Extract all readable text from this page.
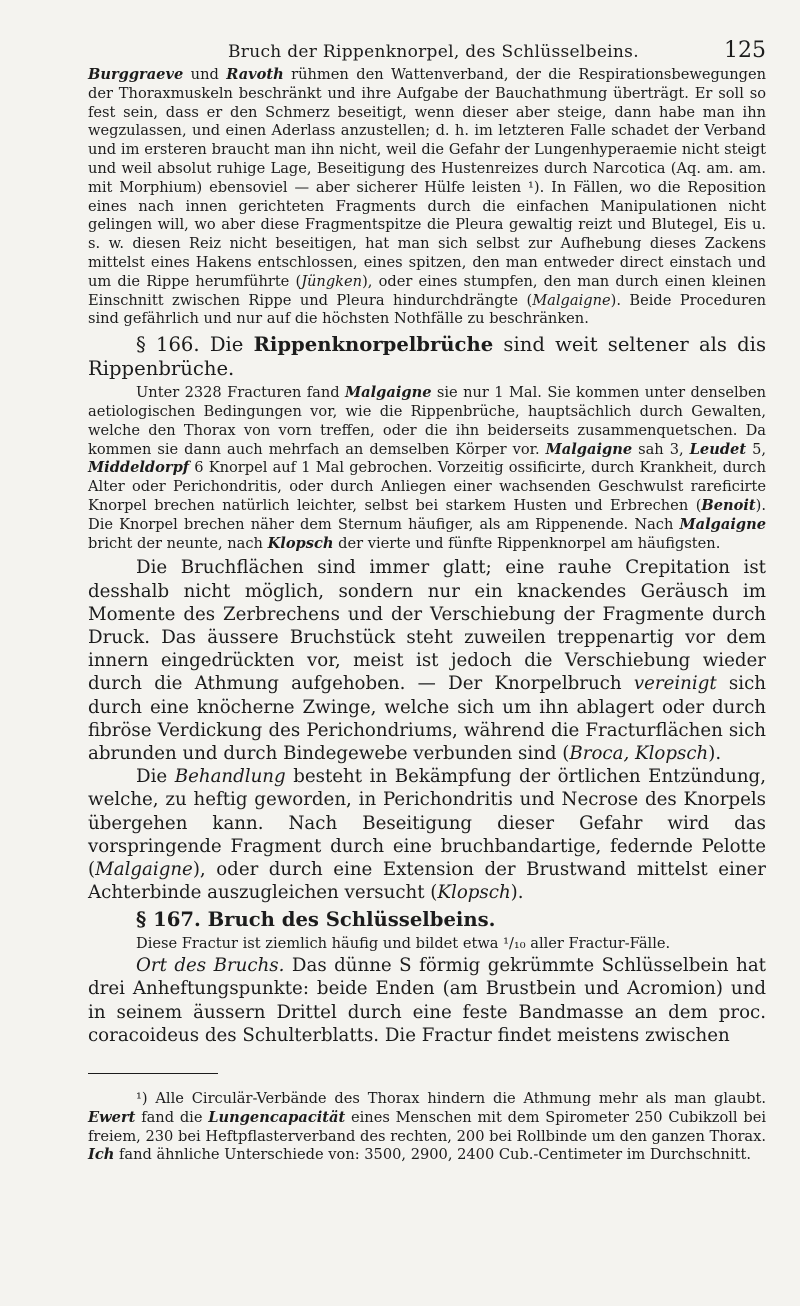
Bruch der Rippenknorpel, des Schlüsselbeins.	125

Burggraeve und Ravoth rühmen den Wattenverband, der die Respirationsbewegungen der Thoraxmuskeln beschränkt und ihre Aufgabe der Bauchathmung überträgt. Er soll so fest sein, dass er den Schmerz beseitigt, wenn dieser aber steige, dann habe man ihn wegzulassen, und einen Aderlass anzustellen; d. h. im letzteren Falle schadet der Verband und im ersteren braucht man ihn nicht, weil die Gefahr der Lungenhyperaemie nicht steigt und weil absolut ruhige Lage, Beseitigung des Hustenreizes durch Narcotica (Aq. am. am. mit Morphium) ebensoviel — aber sicherer Hülfe leisten ¹). In Fällen, wo die Reposition eines nach innen gerichteten Fragments durch die einfachen Manipulationen nicht gelingen will, wo aber diese Fragmentspitze die Pleura gewaltig reizt und Blutegel, Eis u. s. w. diesen Reiz nicht beseitigen, hat man sich selbst zur Aufhebung dieses Zackens mittelst eines Hakens entschlossen, eines spitzen, den man entweder direct einstach und um die Rippe herumführte (Jüngken), oder eines stumpfen, den man durch einen kleinen Einschnitt zwischen Rippe und Pleura hindurchdrängte (Malgaigne). Beide Proceduren sind gefährlich und nur auf die höchsten Nothfälle zu beschränken.

§ 166. Die Rippenknorpelbrüche sind weit seltener als dis Rippenbrüche.

Unter 2328 Fracturen fand Malgaigne sie nur 1 Mal. Sie kommen unter denselben aetiologischen Bedingungen vor, wie die Rippenbrüche, hauptsächlich durch Gewalten, welche den Thorax von vorn treffen, oder die ihn beiderseits zusammenquetschen. Da kommen sie dann auch mehrfach an demselben Körper vor. Malgaigne sah 3, Leudet 5, Middeldorpf 6 Knorpel auf 1 Mal gebrochen. Vorzeitig ossificirte, durch Krankheit, durch Alter oder Perichondritis, oder durch Anliegen einer wachsenden Geschwulst rareficirte Knorpel brechen natürlich leichter, selbst bei starkem Husten und Erbrechen (Benoit). Die Knorpel brechen näher dem Sternum häufiger, als am Rippenende. Nach Malgaigne bricht der neunte, nach Klopsch der vierte und fünfte Rippenknorpel am häufigsten.

Die Bruchflächen sind immer glatt; eine rauhe Crepitation ist desshalb nicht möglich, sondern nur ein knackendes Geräusch im Momente des Zerbrechens und der Verschiebung der Fragmente durch Druck. Das äussere Bruchstück steht zuweilen treppenartig vor dem innern eingedrückten vor, meist ist jedoch die Verschiebung wieder durch die Athmung aufgehoben. — Der Knorpelbruch vereinigt sich durch eine knöcherne Zwinge, welche sich um ihn ablagert oder durch fibröse Verdickung des Perichondriums, während die Fracturflächen sich abrunden und durch Bindegewebe verbunden sind (Broca, Klopsch).

Die Behandlung besteht in Bekämpfung der örtlichen Entzündung, welche, zu heftig geworden, in Perichondritis und Necrose des Knorpels übergehen kann. Nach Beseitigung dieser Gefahr wird das vorspringende Fragment durch eine bruchbandartige, federnde Pelotte (Malgaigne), oder durch eine Extension der Brustwand mittelst einer Achterbinde auszugleichen versucht (Klopsch).

§ 167. Bruch des Schlüsselbeins.

Diese Fractur ist ziemlich häufig und bildet etwa ¹/₁₀ aller Fractur-Fälle.

Ort des Bruchs. Das dünne S förmig gekrümmte Schlüsselbein hat drei Anheftungspunkte: beide Enden (am Brustbein und Acromion) und in seinem äussern Drittel durch eine feste Bandmasse an dem proc. coracoideus des Schulterblatts. Die Fractur findet meistens zwischen

¹) Alle Circulär-Verbände des Thorax hindern die Athmung mehr als man glaubt. Ewert fand die Lungencapacität eines Menschen mit dem Spirometer 250 Cubikzoll bei freiem, 230 bei Heftpflasterverband des rechten, 200 bei Rollbinde um den ganzen Thorax. Ich fand ähnliche Unterschiede von: 3500, 2900, 2400 Cub.-Centimeter im Durchschnitt.
